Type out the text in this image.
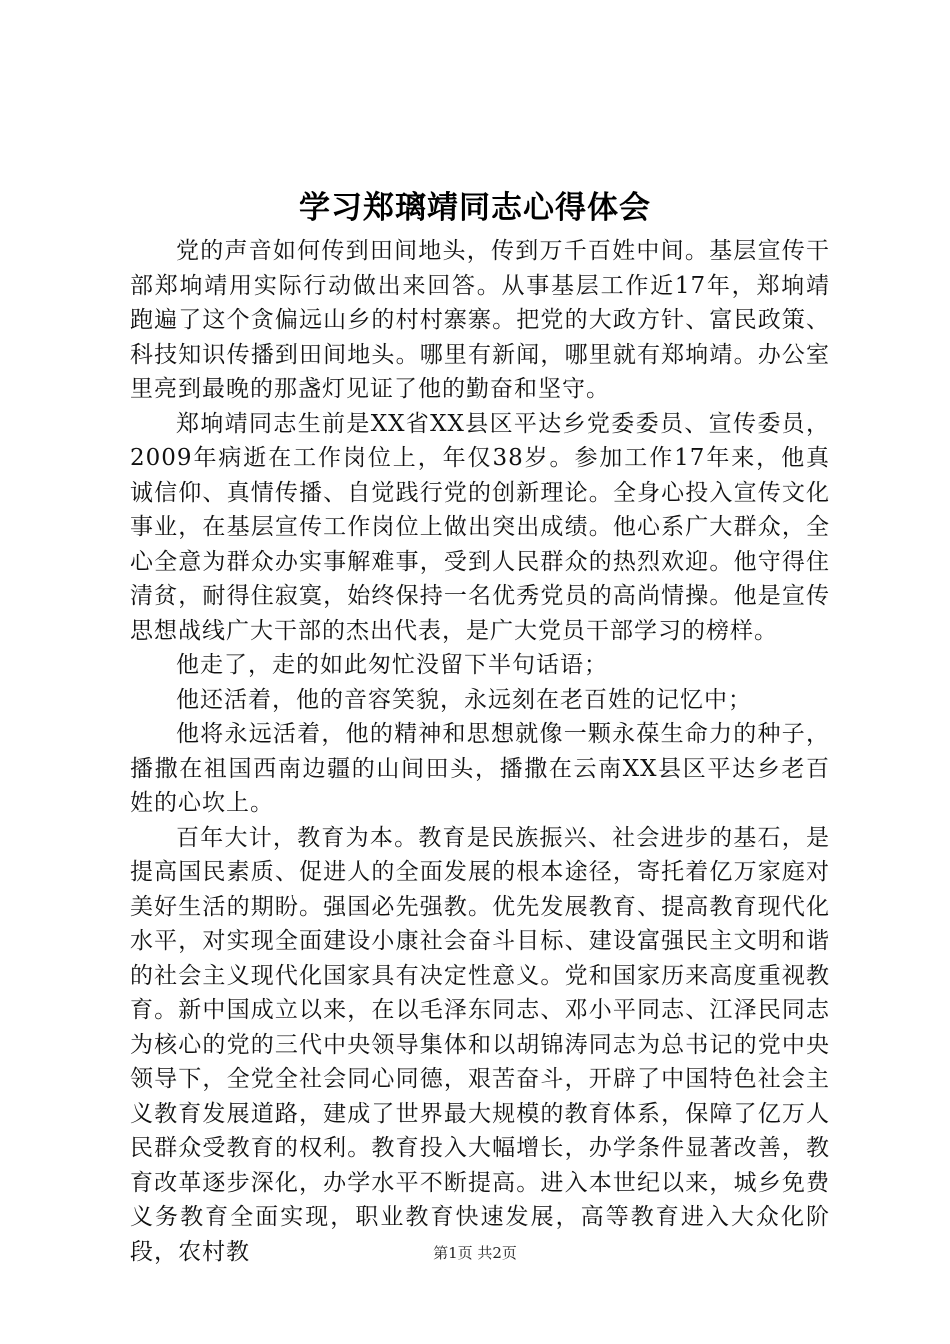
学习郑璃靖同志心得体会

党的声音如何传到田间地头，传到万千百姓中间。基层宣传干部郑垧靖用实际行动做出来回答。从事基层工作近17年，郑垧靖跑遍了这个贪偏远山乡的村村寨寨。把党的大政方针、富民政策、科技知识传播到田间地头。哪里有新闻，哪里就有郑垧靖。办公室里亮到最晚的那盏灯见证了他的勤奋和坚守。

郑垧靖同志生前是XX省XX县区平达乡党委委员、宣传委员，2009年病逝在工作岗位上，年仅38岁。参加工作17年来，他真诚信仰、真情传播、自觉践行党的创新理论。全身心投入宣传文化事业，在基层宣传工作岗位上做出突出成绩。他心系广大群众，全心全意为群众办实事解难事，受到人民群众的热烈欢迎。他守得住清贫，耐得住寂寞，始终保持一名优秀党员的高尚情操。他是宣传思想战线广大干部的杰出代表，是广大党员干部学习的榜样。

他走了，走的如此匆忙没留下半句话语；

他还活着，他的音容笑貌，永远刻在老百姓的记忆中；

他将永远活着，他的精神和思想就像一颗永葆生命力的种子，播撒在祖国西南边疆的山间田头，播撒在云南XX县区平达乡老百姓的心坎上。

百年大计，教育为本。教育是民族振兴、社会进步的基石，是提高国民素质、促进人的全面发展的根本途径，寄托着亿万家庭对美好生活的期盼。强国必先强教。优先发展教育、提高教育现代化水平，对实现全面建设小康社会奋斗目标、建设富强民主文明和谐的社会主义现代化国家具有决定性意义。党和国家历来高度重视教育。新中国成立以来，在以毛泽东同志、邓小平同志、江泽民同志为核心的党的三代中央领导集体和以胡锦涛同志为总书记的党中央领导下，全党全社会同心同德，艰苦奋斗，开辟了中国特色社会主义教育发展道路，建成了世界最大规模的教育体系，保障了亿万人民群众受教育的权利。教育投入大幅增长，办学条件显著改善，教育改革逐步深化，办学水平不断提高。进入本世纪以来，城乡免费义务教育全面实现，职业教育快速发展，高等教育进入大众化阶段，农村教	第1页 共2页
